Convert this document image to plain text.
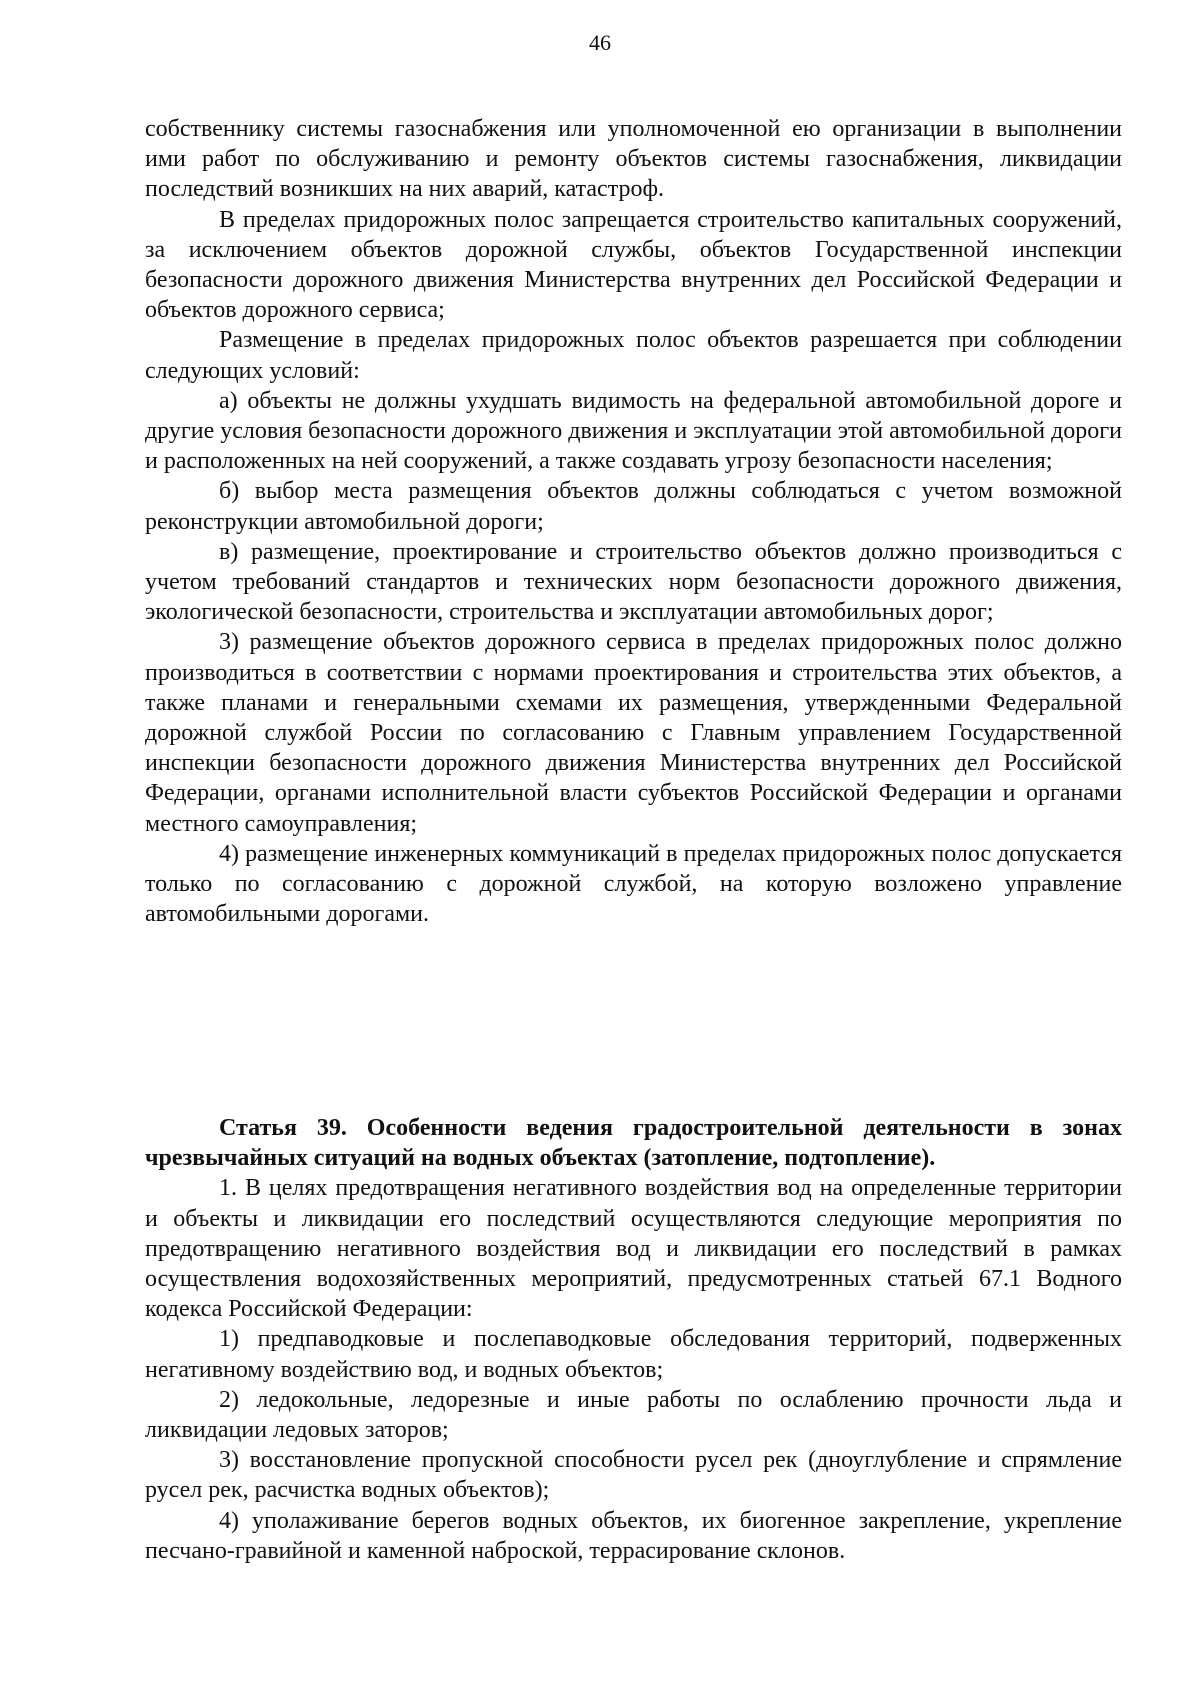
46

собственнику системы газоснабжения или уполномоченной ею организации в выполнении ими работ по обслуживанию и ремонту объектов системы газоснабжения, ликвидации последствий возникших на них аварий, катастроф.

В пределах придорожных полос запрещается строительство капитальных сооружений, за исключением объектов дорожной службы, объектов Государственной инспекции безопасности дорожного движения Министерства внутренних дел Российской Федерации и объектов дорожного сервиса;

Размещение в пределах придорожных полос объектов разрешается при соблюдении следующих условий:

а) объекты не должны ухудшать видимость на федеральной автомобильной дороге и другие условия безопасности дорожного движения и эксплуатации этой автомобильной дороги и расположенных на ней сооружений, а также создавать угрозу безопасности населения;

б) выбор места размещения объектов должны соблюдаться с учетом возможной реконструкции автомобильной дороги;

в) размещение, проектирование и строительство объектов должно производиться с учетом требований стандартов и технических норм безопасности дорожного движения, экологической безопасности, строительства и эксплуатации автомобильных дорог;

3) размещение объектов дорожного сервиса в пределах придорожных полос должно производиться в соответствии с нормами проектирования и строительства этих объектов, а также планами и генеральными схемами их размещения, утвержденными Федеральной дорожной службой России по согласованию с Главным управлением Государственной инспекции безопасности дорожного движения Министерства внутренних дел Российской Федерации, органами исполнительной власти субъектов Российской Федерации и органами местного самоуправления;

4) размещение инженерных коммуникаций в пределах придорожных полос допускается только по согласованию с дорожной службой, на которую возложено управление автомобильными дорогами.

Статья 39. Особенности ведения градостроительной деятельности в зонах чрезвычайных ситуаций на водных объектах (затопление, подтопление).

1. В целях предотвращения негативного воздействия вод на определенные территории и объекты и ликвидации его последствий осуществляются следующие мероприятия по предотвращению негативного воздействия вод и ликвидации его последствий в рамках осуществления водохозяйственных мероприятий, предусмотренных статьей 67.1 Водного кодекса Российской Федерации:

1) предпаводковые и послепаводковые обследования территорий, подверженных негативному воздействию вод, и водных объектов;

2) ледокольные, ледорезные и иные работы по ослаблению прочности льда и ликвидации ледовых заторов;

3) восстановление пропускной способности русел рек (дноуглубление и спрямление русел рек, расчистка водных объектов);

4) уполаживание берегов водных объектов, их биогенное закрепление, укрепление песчано-гравийной и каменной наброской, террасирование склонов.
